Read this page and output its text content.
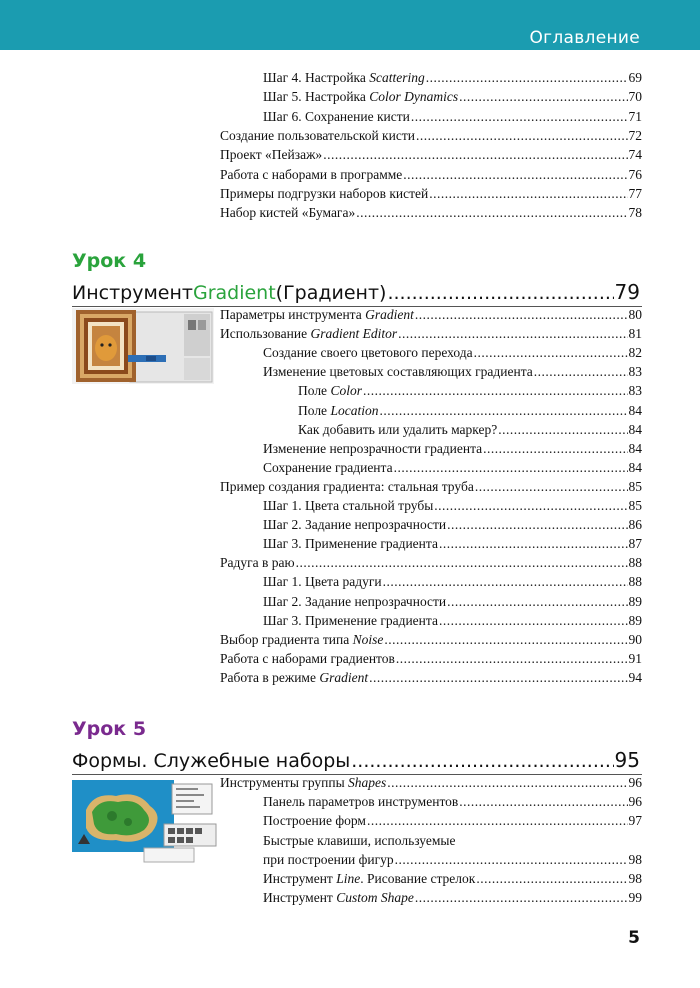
Оглавление
Шаг 4. Настройка Scattering .....	69
Шаг 5. Настройка Color Dynamics .....	70
Шаг 6. Сохранение кисти .....	71
Создание пользовательской кисти .....	72
Проект «Пейзаж» .....	74
Работа с наборами в программе .....	76
Примеры подгрузки наборов кистей .....	77
Набор кистей «Бумага» .....	78
Параметры инструмента Gradient .....	80
Использование Gradient Editor .....	81
Создание своего цветового перехода .....	82
Изменение цветовых составляющих градиента .....	83
Поле Color .....	83
Поле Location .....	84
Как добавить или удалить маркер? .....	84
Изменение непрозрачности градиента .....	84
Сохранение градиента .....	84
Пример создания градиента: стальная труба .....	85
Шаг 1. Цвета стальной трубы .....	85
Шаг 2. Задание непрозрачности .....	86
Шаг 3. Применение градиента .....	87
Радуга в раю .....	88
Шаг 1. Цвета радуги .....	88
Шаг 2. Задание непрозрачности .....	89
Шаг 3. Применение градиента .....	89
Выбор градиента типа Noise .....	90
Работа с наборами градиентов .....	91
Работа в режиме Gradient .....	94
Инструменты группы Shapes .....	96
Панель параметров инструментов .....	96
Построение форм .....	97
Быстрые клавиши, используемые
при построении фигур .....	98
Инструмент Line. Рисование стрелок .....	98
Инструмент Custom Shape .....	99
Урок 4
Инструмент Gradient (Градиент) .....	79
Урок 5
Формы. Служебные наборы .....	95
5
